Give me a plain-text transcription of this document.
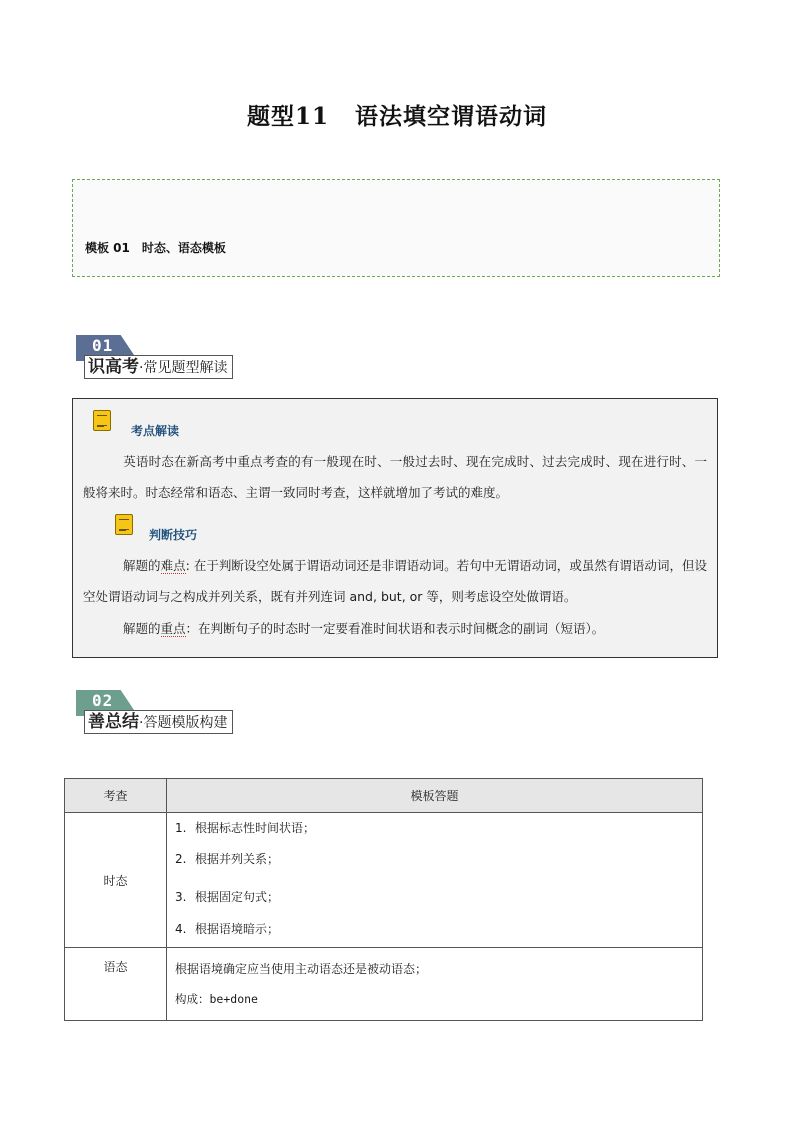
题型11 语法填空谓语动词
模板 01 时态、语态模板
01
识高考·常见题型解读
考点解读
英语时态在新高考中重点考查的有一般现在时、一般过去时、现在完成时、过去完成时、现在进行时、一般将来时。时态经常和语态、主谓一致同时考查，这样就增加了考试的难度。
判断技巧
解题的难点: 在于判断设空处属于谓语动词还是非谓语动词。若句中无谓语动词，或虽然有谓语动词，但设空处谓语动词与之构成并列关系，既有并列连词 and, but, or 等，则考虑设空处做谓语。
解题的重点：在判断句子的时态时一定要看准时间状语和表示时间概念的副词（短语）。
02
善总结·答题模版构建
考查	模板答题
时态	1. 根据标志性时间状语；
2. 根据并列关系；
3. 根据固定句式；
4. 根据语境暗示；

语态	根据语境确定应当使用主动语态还是被动语态；
构成：be+done
